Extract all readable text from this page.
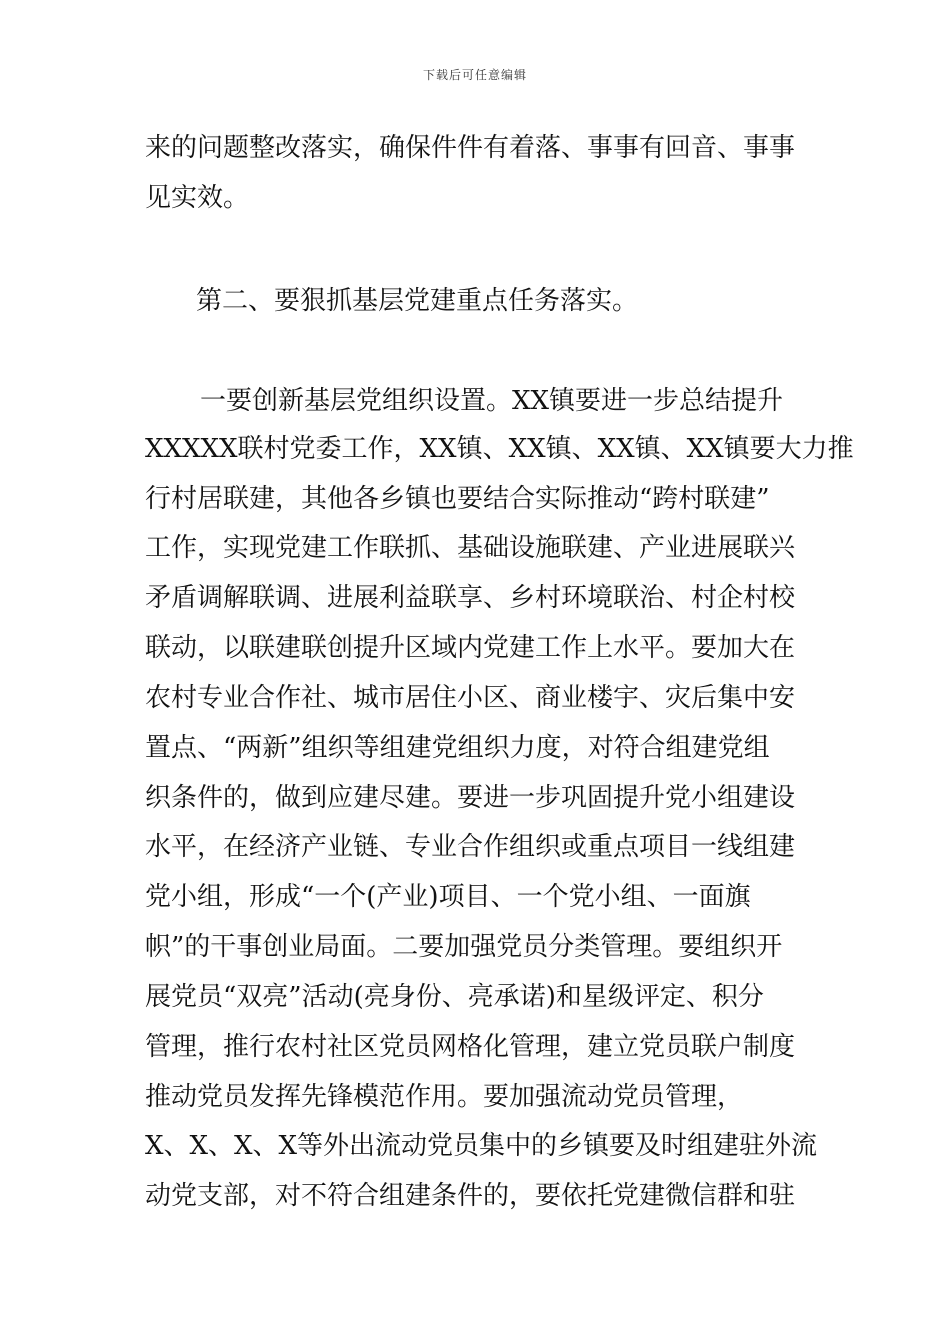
下载后可任意编辑
来的问题整改落实，确保件件有着落、事事有回音、事事
见实效。
第二、要狠抓基层党建重点任务落实。
一要创新基层党组织设置。XX镇要进一步总结提升
XXXXX联村党委工作，XX镇、XX镇、XX镇、XX镇要大力推
行村居联建，其他各乡镇也要结合实际推动“跨村联建”
工作，实现党建工作联抓、基础设施联建、产业进展联兴
矛盾调解联调、进展利益联享、乡村环境联治、村企村校
联动，以联建联创提升区域内党建工作上水平。要加大在
农村专业合作社、城市居住小区、商业楼宇、灾后集中安
置点、“两新”组织等组建党组织力度，对符合组建党组
织条件的，做到应建尽建。要进一步巩固提升党小组建设
水平，在经济产业链、专业合作组织或重点项目一线组建
党小组，形成“一个(产业)项目、一个党小组、一面旗
帜”的干事创业局面。二要加强党员分类管理。要组织开
展党员“双亮”活动(亮身份、亮承诺)和星级评定、积分
管理，推行农村社区党员网格化管理，建立党员联户制度
推动党员发挥先锋模范作用。要加强流动党员管理，
X、X、X、X等外出流动党员集中的乡镇要及时组建驻外流
动党支部，对不符合组建条件的，要依托党建微信群和驻
